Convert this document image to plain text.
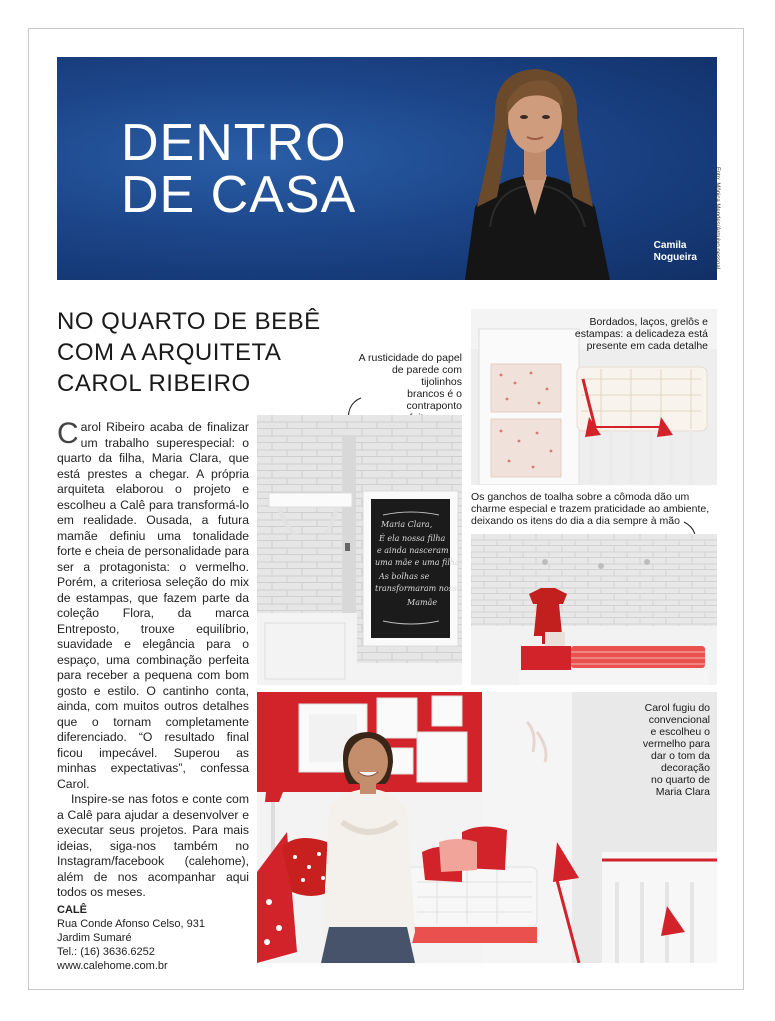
DENTRO
DE CASA
Camila
Nogueira	Foto: Mônica Mendes/Arquivo pessoal
NO QUARTO DE BEBÊ
COM A ARQUITETA
CAROL RIBEIRO

Carol Ribeiro acaba de finalizar um trabalho superespecial: o quarto da filha, Maria Clara, que está prestes a chegar. A própria arquiteta elaborou o projeto e escolheu a Calê para transformá-lo em realidade. Ousada, a futura mamãe definiu uma tonalidade forte e cheia de personalidade para ser a protagonista: o vermelho. Porém, a criteriosa seleção do mix de estampas, que fazem parte da coleção Flora, da marca Entreposto, trouxe equilíbrio, suavidade e elegância para o espaço, uma combinação perfeita para receber a pequena com bom gosto e estilo. O cantinho conta, ainda, com muitos outros detalhes que o tornam completamente diferenciado. “O resultado final ficou impecável. Superou as minhas expectativas”, confessa Carol.

Inspire-se nas fotos e conte com a Calê para ajudar a desenvolver e executar seus projetos. Para mais ideias, siga-nos também no Instagram/facebook (calehome), além de nos acompanhar aqui todos os meses.

CALÊ
Rua Conde Afonso Celso, 931
Jardim Sumaré
Tel.: (16) 3636.6252
www.calehome.com.br
A rusticidade do papel
de parede com tijolinhos
brancos é o contraponto
Maria Clara,
É ela nossa filha
e ainda nasceram
uma mãe e uma filha
As bolhas se
transformaram nossa
Mamãe
Bordados, laços, grelôs e
estampas: a delicadeza está
presente em cada detalhe
Os ganchos de toalha sobre a cômoda dão um
charme especial e trazem praticidade ao ambiente,
deixando os itens do dia a dia sempre à mão
Carol fugiu do
convencional
e escolheu o
vermelho para
dar o tom da
decoração
no quarto de
Maria Clara
